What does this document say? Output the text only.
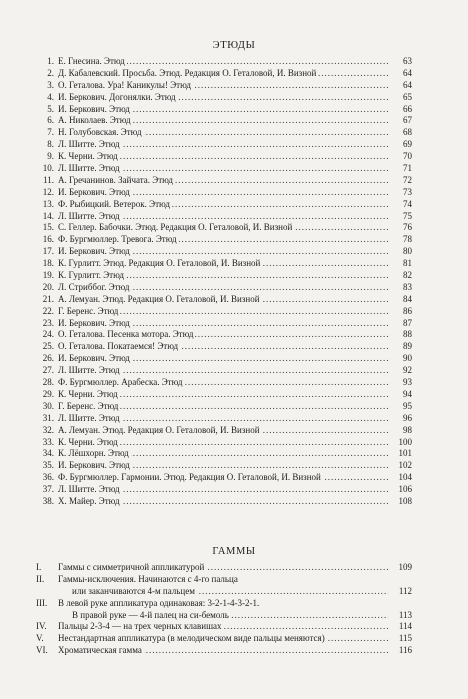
ЭТЮДЫ
1. Е. Гнесина. Этюд .....	63
2. Д. Кабалевский. Просьба. Этюд. Редакция О. Геталовой, И. Визной .....	64
3. О. Геталова. Ура! Каникулы! Этюд .....	64
4. И. Беркович. Догонялки. Этюд .....	65
5. И. Беркович. Этюд .....	66
6. А. Николаев. Этюд .....	67
7. Н. Голубовская. Этюд .....	68
8. Л. Шитте. Этюд .....	69
9. К. Черни. Этюд .....	70
10. Л. Шитте. Этюд .....	71
11. А. Гречанинов. Зайчата. Этюд .....	72
12. И. Беркович. Этюд .....	73
13. Ф. Рыбицкий. Ветерок. Этюд .....	74
14. Л. Шитте. Этюд .....	75
15. С. Геллер. Бабочки. Этюд. Редакция О. Геталовой, И. Визной .....	76
16. Ф. Бургмюллер. Тревога. Этюд .....	78
17. И. Беркович. Этюд .....	80
18. К. Гурлитт. Этюд. Редакция О. Геталовой, И. Визной .....	81
19. К. Гурлитт. Этюд .....	82
20. Л. Стриббог. Этюд .....	83
21. А. Лемуан. Этюд. Редакция О. Геталовой, И. Визной .....	84
22. Г. Беренс. Этюд .....	86
23. И. Беркович. Этюд .....	87
24. О. Геталова. Песенка мотора. Этюд .....	88
25. О. Геталова. Покатаемся! Этюд .....	89
26. И. Беркович. Этюд .....	90
27. Л. Шитте. Этюд .....	92
28. Ф. Бургмюллер. Арабеска. Этюд .....	93
29. К. Черни. Этюд .....	94
30. Г. Беренс. Этюд .....	95
31. Л. Шитте. Этюд .....	96
32. А. Лемуан. Этюд. Редакция О. Геталовой, И. Визной .....	98
33. К. Черни. Этюд .....	100
34. К. Лёшхорн. Этюд .....	101
35. И. Беркович. Этюд .....	102
36. Ф. Бургмюллер. Гармонии. Этюд. Редакция О. Геталовой, И. Визной .....	104
37. Л. Шитте. Этюд .....	106
38. Х. Майер. Этюд .....	108
ГАММЫ
I.	Гаммы с симметричной аппликатурой .....	109
II.	Гаммы-исключения. Начинаются с 4-го пальца
или заканчиваются 4-м пальцем .....	112
III.	В левой руке аппликатура одинаковая: 3-2-1-4-3-2-1.
В правой руке — 4-й палец на си-бемоль .....	113
IV.	Пальцы 2-3-4 — на трех черных клавишах .....	114
V.	Нестандартная аппликатура (в мелодическом виде пальцы меняются) .....	115
VI.	Хроматическая гамма .....	116
